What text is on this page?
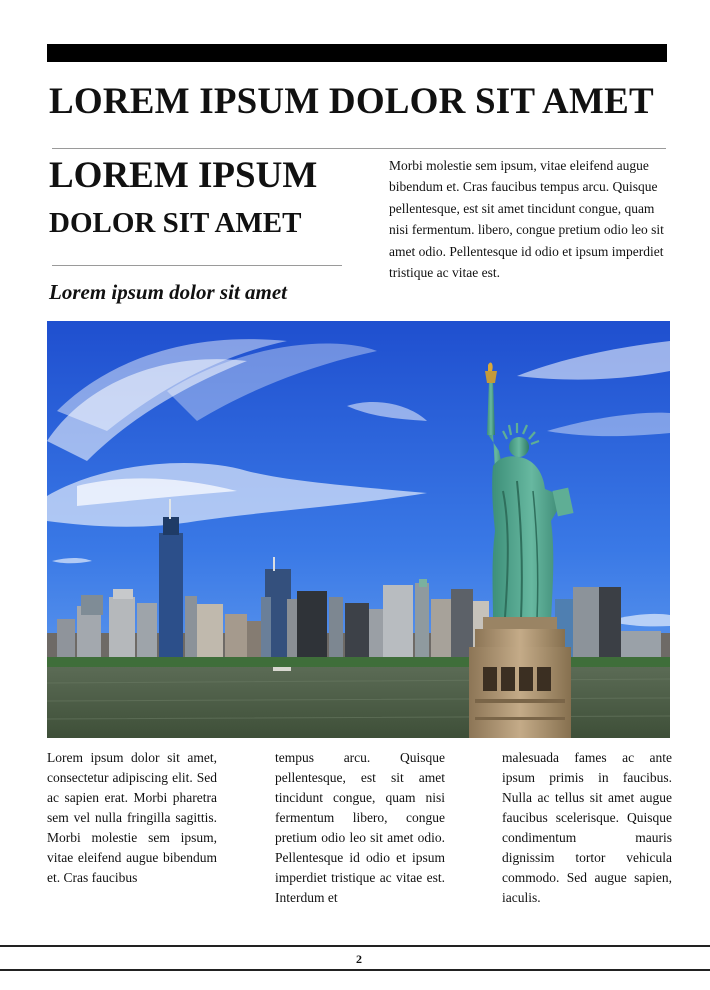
LOREM IPSUM DOLOR SIT AMET
LOREM IPSUM
DOLOR SIT AMET

Lorem ipsum dolor sit amet

Morbi molestie sem ipsum, vitae eleifend augue bibendum et. Cras faucibus tempus arcu. Quisque pellentesque, est sit amet tincidunt congue, quam nisi fermentum. libero, congue pretium odio leo sit amet odio. Pellentesque id odio et ipsum imperdiet tristique ac vitae est.

Lorem ipsum dolor sit amet, consectetur adipiscing elit. Sed ac sapien erat. Morbi pharetra sem vel nulla fringilla sagittis. Morbi molestie sem ipsum, vitae eleifend augue bibendum et. Cras faucibus

tempus arcu. Quisque pellentesque, est sit amet tincidunt congue, quam nisi fermentum libero, congue pretium odio leo sit amet odio. Pellentesque id odio et ipsum imperdiet tristique ac vitae est. Interdum et

malesuada fames ac ante ipsum primis in faucibus. Nulla ac tellus sit amet augue faucibus scelerisque. Quisque condimentum mauris dignissim tortor vehicula commodo. Sed augue sapien, iaculis.

2
